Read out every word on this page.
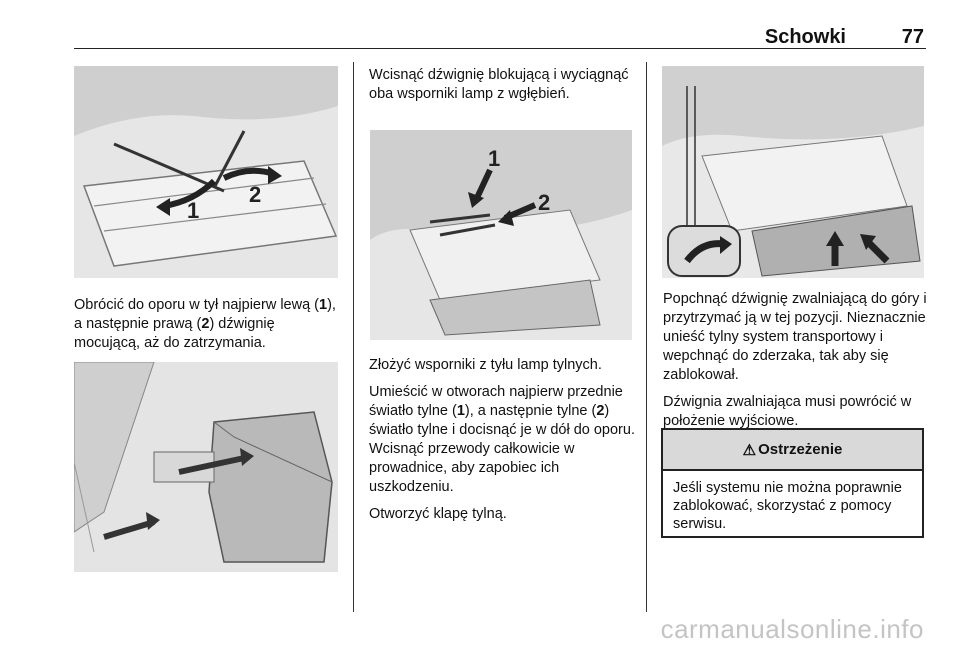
Schowki	77
1
2

Obrócić do oporu w tył najpierw lewą (1), a następnie prawą (2) dźwignię mocującą, aż do zatrzymania.

Wcisnąć dźwignię blokującą i wyciągnąć oba wsporniki lamp z wgłębień.

1
2

Złożyć wsporniki z tyłu lamp tylnych.

Umieścić w otworach najpierw przednie światło tylne (1), a następnie tylne (2) światło tylne i docisnąć je w dół do oporu. Wcisnąć przewody całkowicie w prowadnice, aby zapobiec ich uszkodzeniu.

Otworzyć klapę tylną.

Popchnąć dźwignię zwalniającą do góry i przytrzymać ją w tej pozycji. Nieznacznie unieść tylny system transportowy i wepchnąć do zderzaka, tak aby się zablokował.

Dźwignia zwalniająca musi powrócić w położenie wyjściowe.

⚠ Ostrzeżenie
Jeśli systemu nie można poprawnie zablokować, skorzystać z pomocy serwisu.
carmanualsonline.info
